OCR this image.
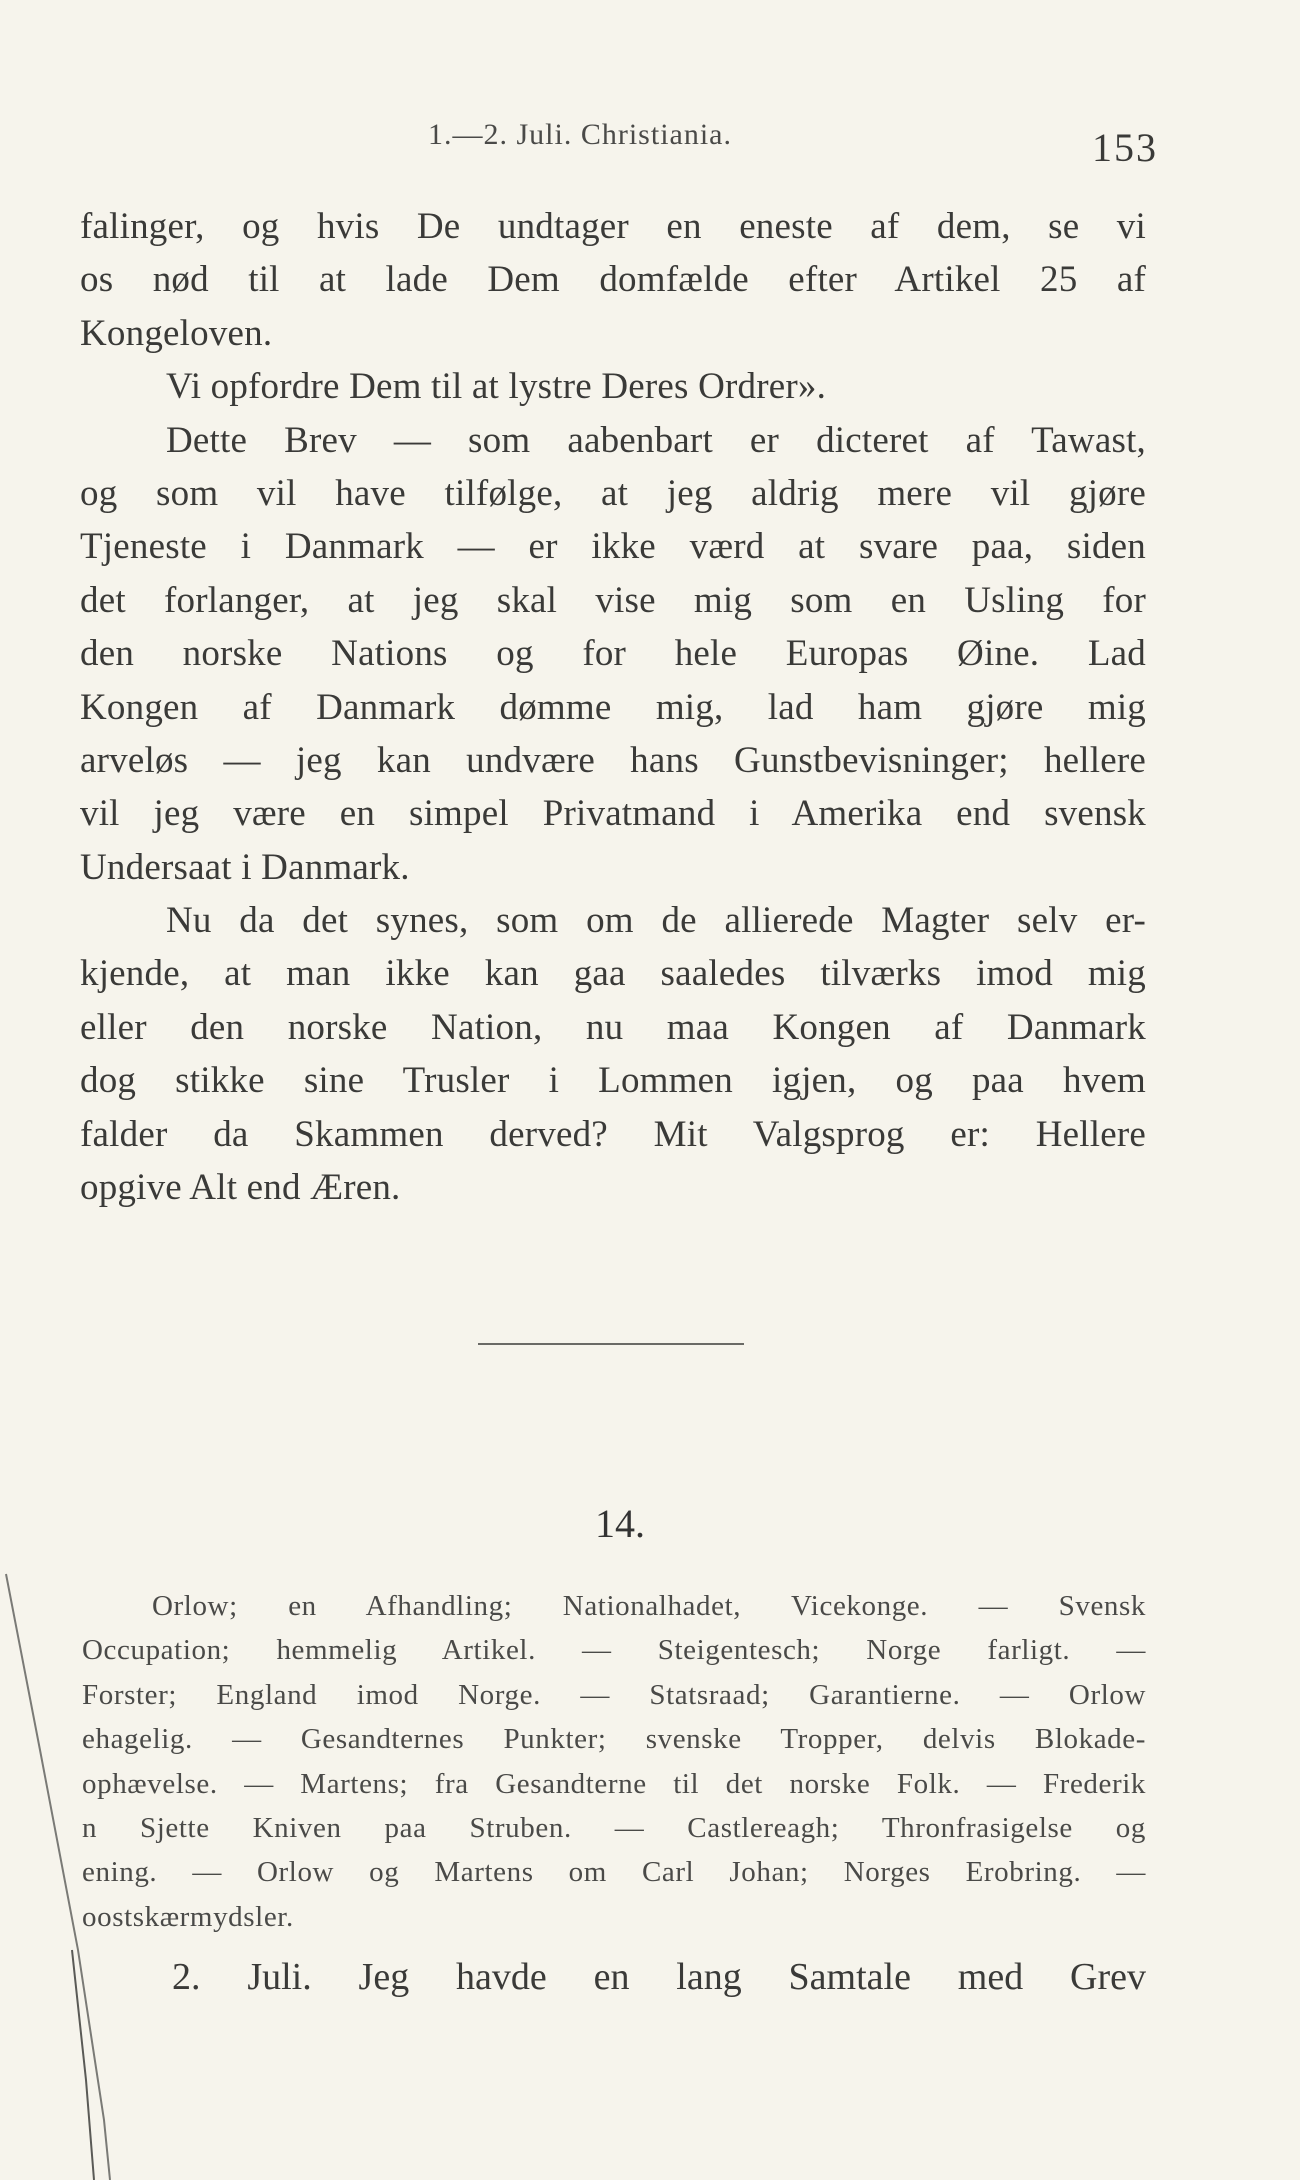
1.—2. Juli. Christiania.	153
falinger, og hvis De undtager en eneste af dem, se vi
os nød til at lade Dem domfælde efter Artikel 25 af
Kongeloven.
Vi opfordre Dem til at lystre Deres Ordrer».
Dette Brev — som aabenbart er dicteret af Tawast,
og som vil have tilfølge, at jeg aldrig mere vil gjøre
Tjeneste i Danmark — er ikke værd at svare paa, siden
det forlanger, at jeg skal vise mig som en Usling for
den norske Nations og for hele Europas Øine. Lad
Kongen af Danmark dømme mig, lad ham gjøre mig
arveløs — jeg kan undvære hans Gunstbevisninger; hellere
vil jeg være en simpel Privatmand i Amerika end svensk
Undersaat i Danmark.
Nu da det synes, som om de allierede Magter selv er-
kjende, at man ikke kan gaa saaledes tilværks imod mig
eller den norske Nation, nu maa Kongen af Danmark
dog stikke sine Trusler i Lommen igjen, og paa hvem
falder da Skammen derved? Mit Valgsprog er: Hellere
opgive Alt end Æren.
14.
Orlow; en Afhandling; Nationalhadet, Vicekonge. — Svensk
Occupation; hemmelig Artikel. — Steigentesch; Norge farligt. —
Forster; England imod Norge. — Statsraad; Garantierne. — Orlow
ehagelig. — Gesandternes Punkter; svenske Tropper, delvis Blokade-
ophævelse. — Martens; fra Gesandterne til det norske Folk. — Frederik
n Sjette Kniven paa Struben. — Castlereagh; Thronfrasigelse og
ening. — Orlow og Martens om Carl Johan; Norges Erobring. —
oostskærmydsler.
2. Juli. Jeg havde en lang Samtale med Grev
